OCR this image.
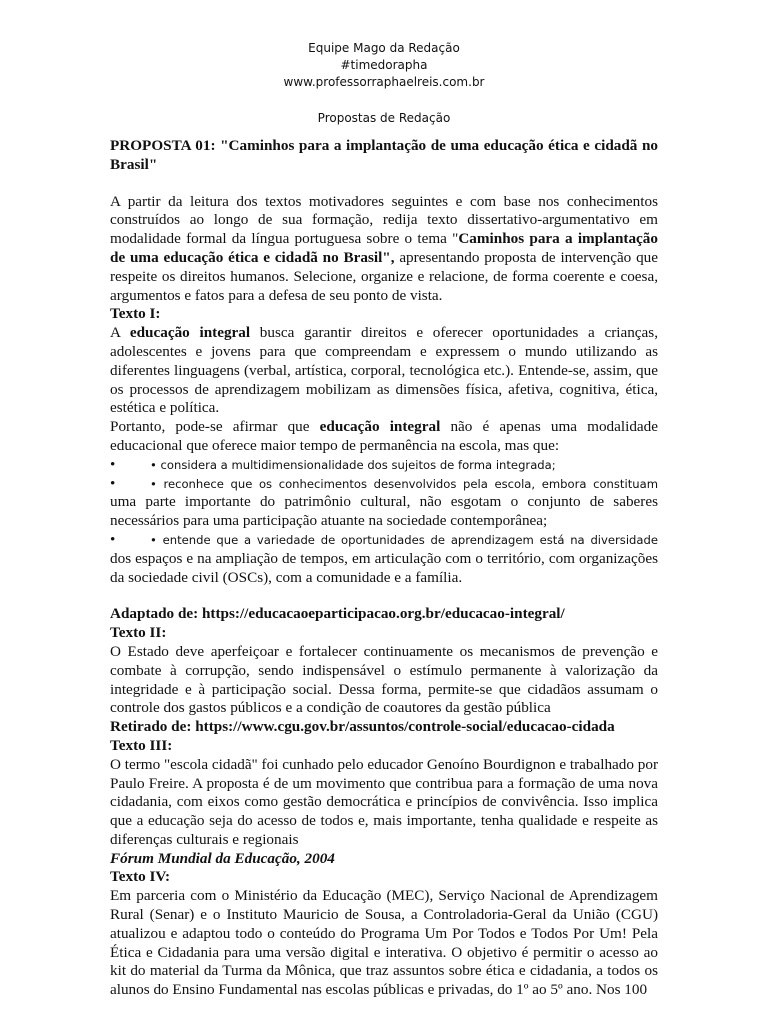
Equipe Mago da Redação
#timedorapha
www.professorraphaelreis.com.br
Propostas de Redação

PROPOSTA 01: "Caminhos para a implantação de uma educação ética e cidadã no Brasil"

A partir da leitura dos textos motivadores seguintes e com base nos conhecimentos construídos ao longo de sua formação, redija texto dissertativo-argumentativo em modalidade formal da língua portuguesa sobre o tema "Caminhos para a implantação de uma educação ética e cidadã no Brasil", apresentando proposta de intervenção que respeite os direitos humanos. Selecione, organize e relacione, de forma coerente e coesa, argumentos e fatos para a defesa de seu ponto de vista.

Texto I:

A educação integral busca garantir direitos e oferecer oportunidades a crianças, adolescentes e jovens para que compreendam e expressem o mundo utilizando as diferentes linguagens (verbal, artística, corporal, tecnológica etc.). Entende-se, assim, que os processos de aprendizagem mobilizam as dimensões física, afetiva, cognitiva, ética, estética e política.

Portanto, pode-se afirmar que educação integral não é apenas uma modalidade educacional que oferece maior tempo de permanência na escola, mas que:

•	• considera a multidimensionalidade dos sujeitos de forma integrada;

•	• reconhece que os conhecimentos desenvolvidos pela escola, embora constituam uma parte importante do patrimônio cultural, não esgotam o conjunto de saberes necessários para uma participação atuante na sociedade contemporânea;

•	• entende que a variedade de oportunidades de aprendizagem está na diversidade dos espaços e na ampliação de tempos, em articulação com o território, com organizações da sociedade civil (OSCs), com a comunidade e a família.

Adaptado de: https://educacaoeparticipacao.org.br/educacao-integral/

Texto II:

O Estado deve aperfeiçoar e fortalecer continuamente os mecanismos de prevenção e combate à corrupção, sendo indispensável o estímulo permanente à valorização da integridade e à participação social. Dessa forma, permite-se que cidadãos assumam o controle dos gastos públicos e a condição de coautores da gestão pública

Retirado de: https://www.cgu.gov.br/assuntos/controle-social/educacao-cidada

Texto III:

O termo "escola cidadã" foi cunhado pelo educador Genoíno Bourdignon e trabalhado por Paulo Freire. A proposta é de um movimento que contribua para a formação de uma nova cidadania, com eixos como gestão democrática e princípios de convivência. Isso implica que a educação seja do acesso de todos e, mais importante, tenha qualidade e respeite as diferenças culturais e regionais

Fórum Mundial da Educação, 2004

Texto IV:

Em parceria com o Ministério da Educação (MEC), Serviço Nacional de Aprendizagem Rural (Senar) e o Instituto Mauricio de Sousa, a Controladoria-Geral da União (CGU) atualizou e adaptou todo o conteúdo do Programa Um Por Todos e Todos Por Um! Pela Ética e Cidadania para uma versão digital e interativa. O objetivo é permitir o acesso ao kit do material da Turma da Mônica, que traz assuntos sobre ética e cidadania, a todos os alunos do Ensino Fundamental nas escolas públicas e privadas, do 1º ao 5º ano. Nos 100
